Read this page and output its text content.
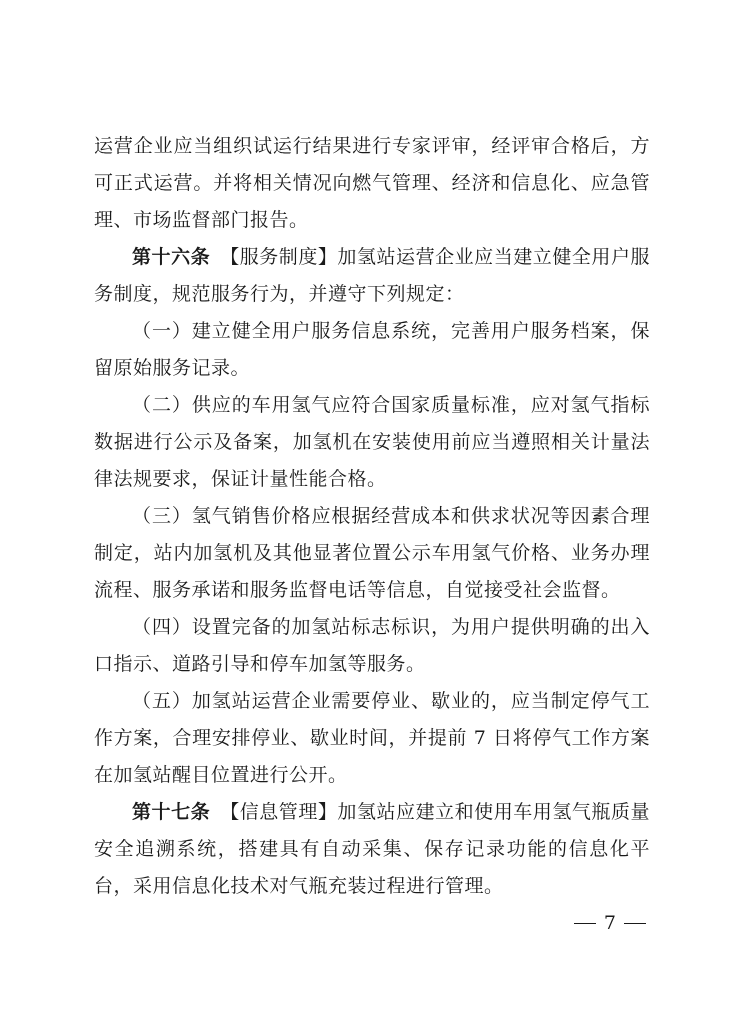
运营企业应当组织试运行结果进行专家评审，经评审合格后，方可正式运营。并将相关情况向燃气管理、经济和信息化、应急管理、市场监督部门报告。

第十六条　【服务制度】加氢站运营企业应当建立健全用户服务制度，规范服务行为，并遵守下列规定：

（一）建立健全用户服务信息系统，完善用户服务档案，保留原始服务记录。

（二）供应的车用氢气应符合国家质量标准，应对氢气指标数据进行公示及备案，加氢机在安装使用前应当遵照相关计量法律法规要求，保证计量性能合格。

（三）氢气销售价格应根据经营成本和供求状况等因素合理制定，站内加氢机及其他显著位置公示车用氢气价格、业务办理流程、服务承诺和服务监督电话等信息，自觉接受社会监督。

（四）设置完备的加氢站标志标识，为用户提供明确的出入口指示、道路引导和停车加氢等服务。

（五）加氢站运营企业需要停业、歇业的，应当制定停气工作方案，合理安排停业、歇业时间，并提前 7 日将停气工作方案在加氢站醒目位置进行公开。

第十七条　【信息管理】加氢站应建立和使用车用氢气瓶质量安全追溯系统，搭建具有自动采集、保存记录功能的信息化平台，采用信息化技术对气瓶充装过程进行管理。

7
